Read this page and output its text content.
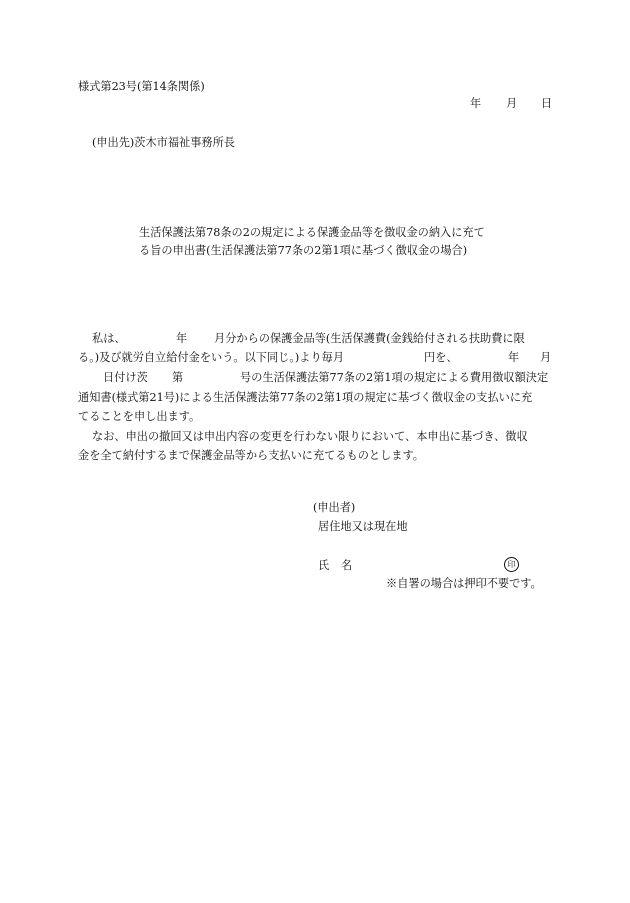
様式第23号(第14条関係)
年 月 日
(申出先)茨木市福祉事務所長
生活保護法第78条の2の規定による保護金品等を徴収金の納入に充て
る旨の申出書(生活保護法第77条の2第1項に基づく徴収金の場合)
私は、	年 月分からの保護金品等(生活保護費(金銭給付される扶助費に限
る。)及び就労自立給付金をいう。以下同じ。)より毎月	円を、	年 月
日付け茨 第	号の生活保護法第77条の2第1項の規定による費用徴収額決定
通知書(様式第21号)による生活保護法第77条の2第1項の規定に基づく徴収金の支払いに充
てることを申し出ます。
なお、申出の撤回又は申出内容の変更を行わない限りにおいて、本申出に基づき、徴収
金を全て納付するまで保護金品等から支払いに充てるものとします。
(申出者)
居住地又は現在地
氏 名	印
※自署の場合は押印不要です。
